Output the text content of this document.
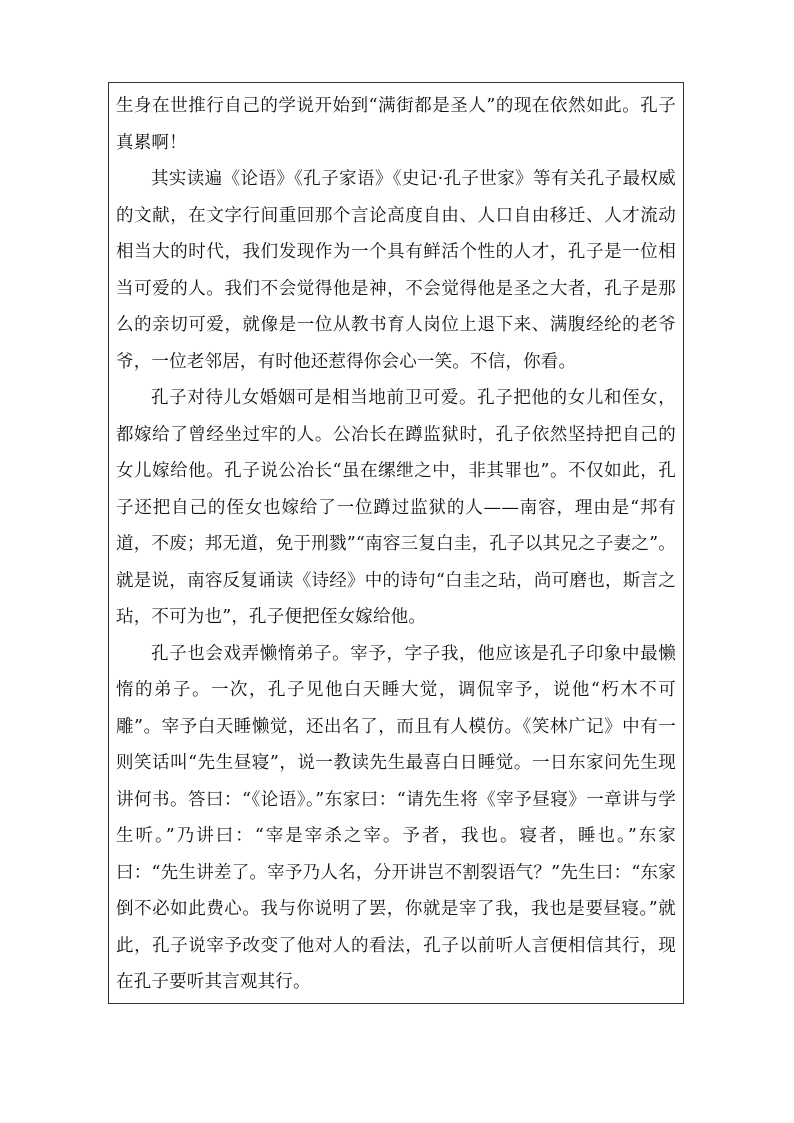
生身在世推行自己的学说开始到“满街都是圣人”的现在依然如此。孔子真累啊！

其实读遍《论语》《孔子家语》《史记·孔子世家》等有关孔子最权威的文献，在文字行间重回那个言论高度自由、人口自由移迁、人才流动相当大的时代，我们发现作为一个具有鲜活个性的人才，孔子是一位相当可爱的人。我们不会觉得他是神，不会觉得他是圣之大者，孔子是那么的亲切可爱，就像是一位从教书育人岗位上退下来、满腹经纶的老爷爷，一位老邻居，有时他还惹得你会心一笑。不信，你看。

孔子对待儿女婚姻可是相当地前卫可爱。孔子把他的女儿和侄女，都嫁给了曾经坐过牢的人。公冶长在蹲监狱时，孔子依然坚持把自己的女儿嫁给他。孔子说公冶长“虽在缧绁之中，非其罪也”。不仅如此，孔子还把自己的侄女也嫁给了一位蹲过监狱的人——南容，理由是“邦有道，不废；邦无道，免于刑戮”“南容三复白圭，孔子以其兄之子妻之”。就是说，南容反复诵读《诗经》中的诗句“白圭之玷，尚可磨也，斯言之玷，不可为也”，孔子便把侄女嫁给他。

孔子也会戏弄懒惰弟子。宰予，字子我，他应该是孔子印象中最懒惰的弟子。一次，孔子见他白天睡大觉，调侃宰予，说他“朽木不可雕”。宰予白天睡懒觉，还出名了，而且有人模仿。《笑林广记》中有一则笑话叫“先生昼寝”，说一教读先生最喜白日睡觉。一日东家问先生现讲何书。答曰：“《论语》。”东家曰：“请先生将《宰予昼寝》一章讲与学生听。”乃讲曰：“宰是宰杀之宰。予者，我也。寝者，睡也。”东家曰：“先生讲差了。宰予乃人名，分开讲岂不割裂语气？”先生曰：“东家倒不必如此费心。我与你说明了罢，你就是宰了我，我也是要昼寝。”就此，孔子说宰予改变了他对人的看法，孔子以前听人言便相信其行，现在孔子要听其言观其行。
